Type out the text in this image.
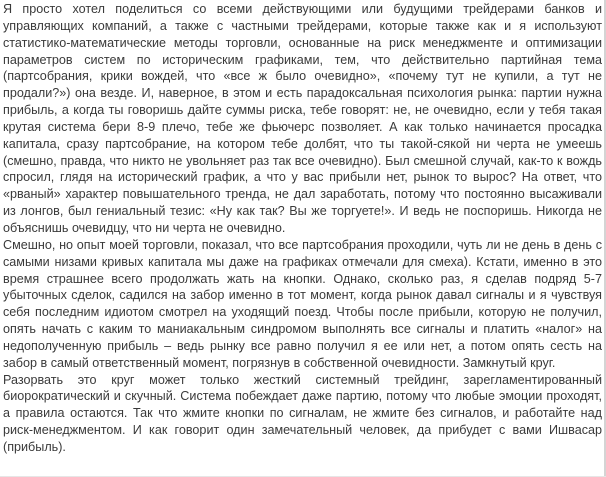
Я просто хотел поделиться со всеми действующими или будущими трейдерами банков и управляющих компаний, а также с частными трейдерами, которые также как и я используют статистико-математические методы торговли, основанные на риск менеджменте и оптимизации параметров систем по историческим графиками, тем, что действительно партийная тема (партсобрания, крики вождей, что «все ж было очевидно», «почему тут не купили, а тут не продали?») она везде. И, наверное, в этом и есть парадоксальная психология рынка: партии нужна прибыль, а когда ты говоришь дайте суммы риска, тебе говорят: не, не очевидно, если у тебя такая крутая система бери 8-9 плечо, тебе же фьючерс позволяет. А как только начинается просадка капитала, сразу партсобрание, на котором тебе долбят, что ты такой-сякой ни черта не умеешь (смешно, правда, что никто не увольняет раз так все очевидно). Был смешной случай, как-то к вождь спросил, глядя на исторический график, а что у вас прибыли нет, рынок то вырос? На ответ, что «рваный» характер повышательного тренда, не дал заработать, потому что постоянно высаживали из лонгов, был гениальный тезис: «Ну как так? Вы же торгуете!». И ведь не поспоришь. Никогда не объяснишь очевидцу, что ни черта не очевидно.

Смешно, но опыт моей торговли, показал, что все партсобрания проходили, чуть ли не день в день с самыми низами кривых капитала мы даже на графиках отмечали для смеха). Кстати, именно в это время страшнее всего продолжать жать на кнопки. Однако, сколько раз, я сделав подряд 5-7 убыточных сделок, садился на забор именно в тот момент, когда рынок давал сигналы и я чувствуя себя последним идиотом смотрел на уходящий поезд. Чтобы после прибыли, которую не получил, опять начать с каким то маниакальным синдромом выполнять все сигналы и платить «налог» на недополученную прибыль – ведь рынку все равно получил я ее или нет, а потом опять сесть на забор в самый ответственный момент, погрязнув в собственной очевидности. Замкнутый круг.

Разорвать это круг может только жесткий системный трейдинг, зарегламентированный биорократический и скучный. Система побеждает даже партию, потому что любые эмоции проходят, а правила остаются. Так что жмите кнопки по сигналам, не жмите без сигналов, и работайте над риск-менеджментом. И как говорит один замечательный человек, да прибудет с вами Ишвасар (прибыль).
